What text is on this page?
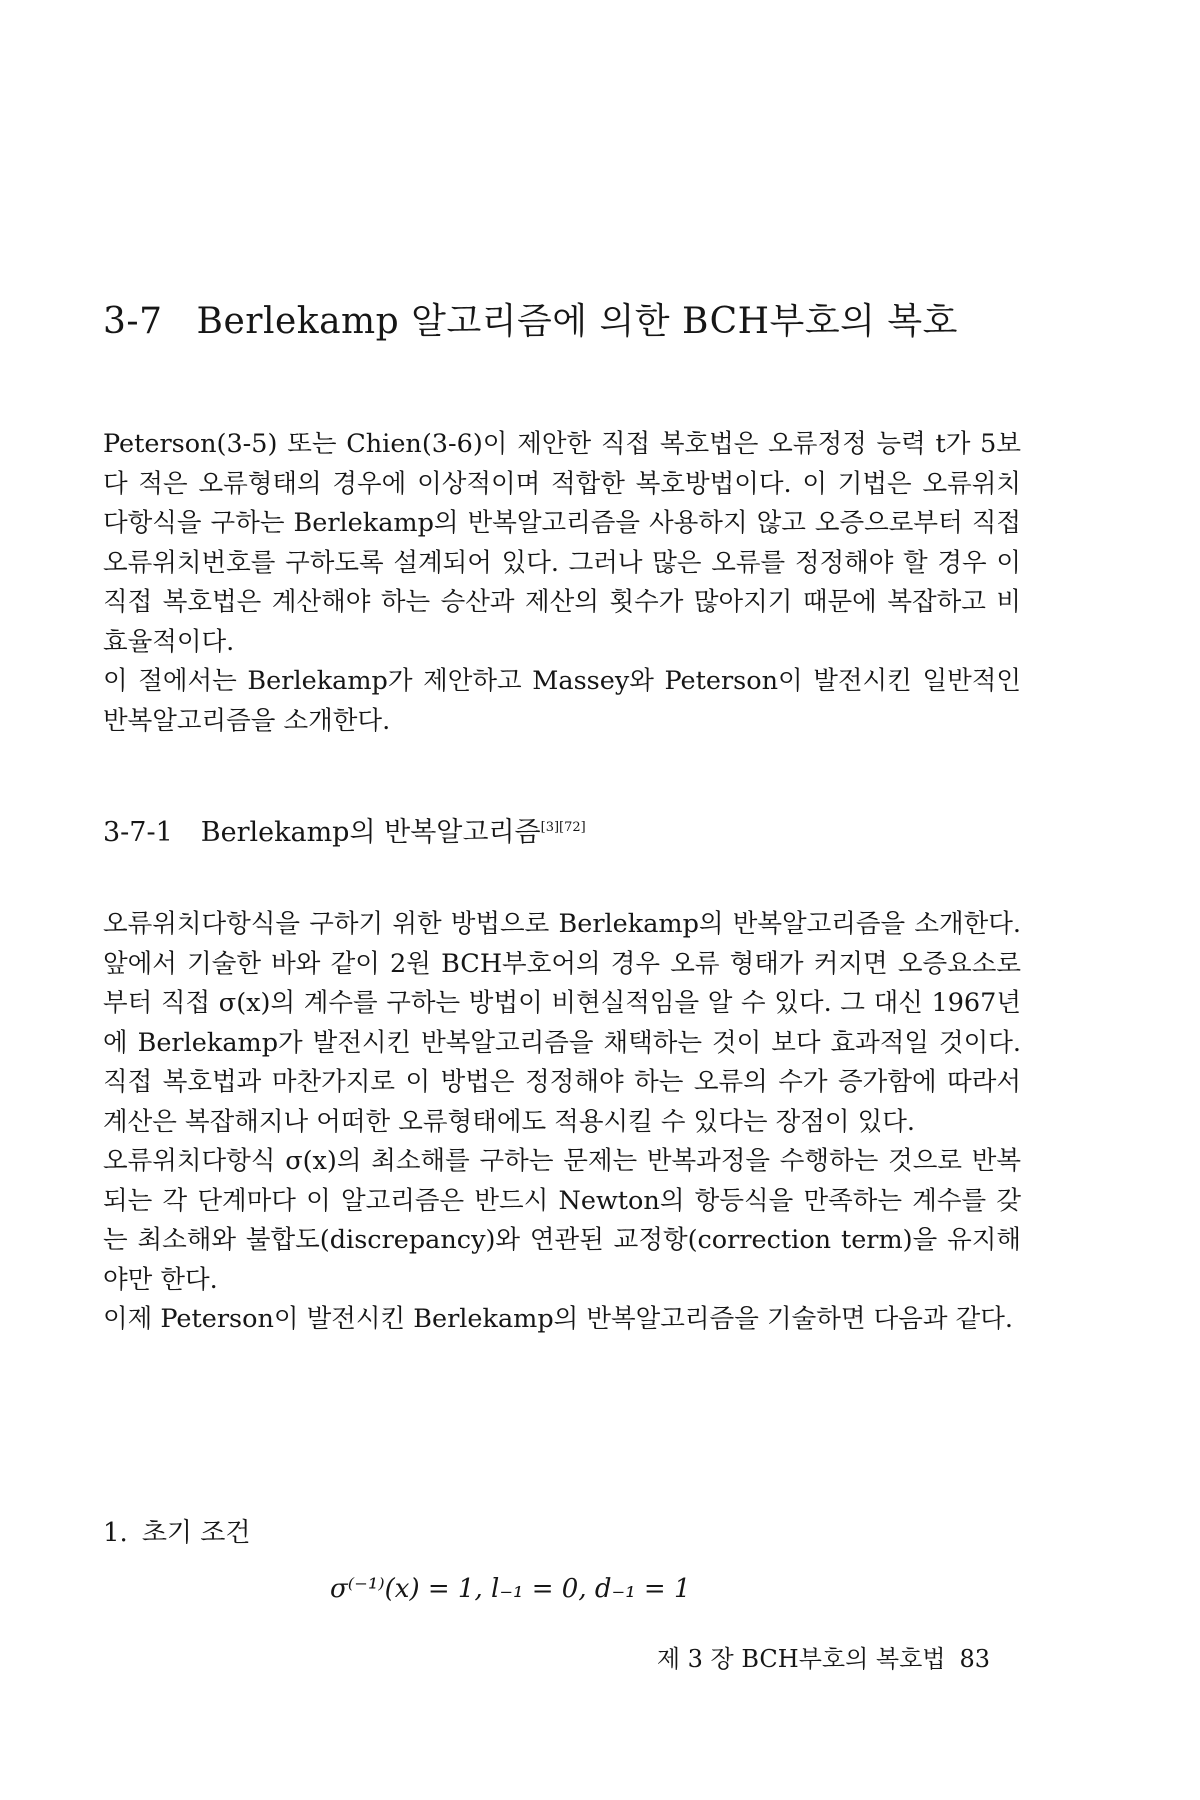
3-7 Berlekamp 알고리즘에 의한 BCH부호의 복호

Peterson(3-5) 또는 Chien(3-6)이 제안한 직접 복호법은 오류정정 능력 t가 5보다 적은 오류형태의 경우에 이상적이며 적합한 복호방법이다. 이 기법은 오류위치다항식을 구하는 Berlekamp의 반복알고리즘을 사용하지 않고 오증으로부터 직접 오류위치번호를 구하도록 설계되어 있다. 그러나 많은 오류를 정정해야 할 경우 이 직접 복호법은 계산해야 하는 승산과 제산의 횟수가 많아지기 때문에 복잡하고 비효율적이다.

이 절에서는 Berlekamp가 제안하고 Massey와 Peterson이 발전시킨 일반적인 반복알고리즘을 소개한다.

3-7-1 Berlekamp의 반복알고리즘[3][72]

오류위치다항식을 구하기 위한 방법으로 Berlekamp의 반복알고리즘을 소개한다. 앞에서 기술한 바와 같이 2원 BCH부호어의 경우 오류 형태가 커지면 오증요소로부터 직접 σ(x)의 계수를 구하는 방법이 비현실적임을 알 수 있다. 그 대신 1967년에 Berlekamp가 발전시킨 반복알고리즘을 채택하는 것이 보다 효과적일 것이다. 직접 복호법과 마찬가지로 이 방법은 정정해야 하는 오류의 수가 증가함에 따라서 계산은 복잡해지나 어떠한 오류형태에도 적용시킬 수 있다는 장점이 있다.

오류위치다항식 σ(x)의 최소해를 구하는 문제는 반복과정을 수행하는 것으로 반복되는 각 단계마다 이 알고리즘은 반드시 Newton의 항등식을 만족하는 계수를 갖는 최소해와 불합도(discrepancy)와 연관된 교정항(correction term)을 유지해야만 한다.

이제 Peterson이 발전시킨 Berlekamp의 반복알고리즘을 기술하면 다음과 같다.

1. 초기 조건
σ⁽⁻¹⁾(x) = 1, l₋₁ = 0, d₋₁ = 1
제 3 장 BCH부호의 복호법 83
